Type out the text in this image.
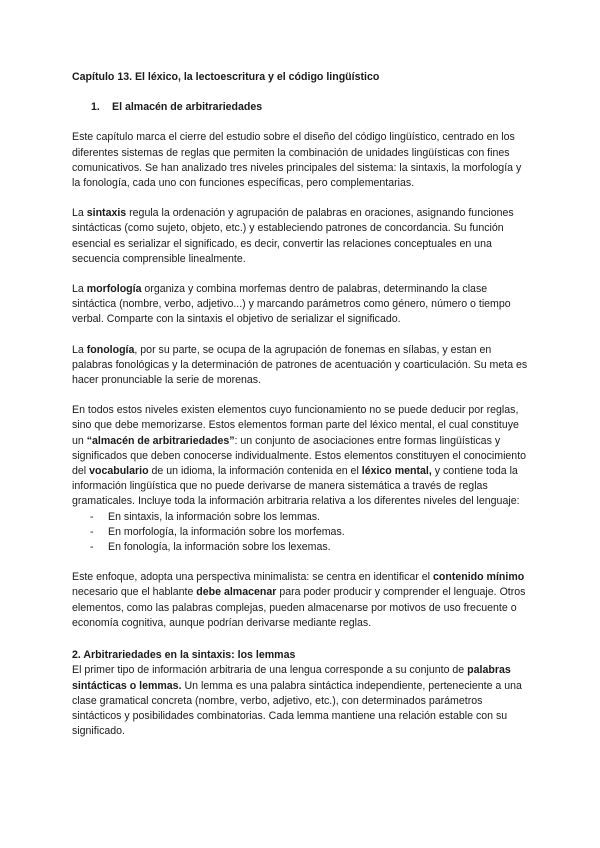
Capítulo 13. El léxico, la lectoescritura y el código lingüístico
1. El almacén de arbitrariedades

Este capítulo marca el cierre del estudio sobre el diseño del código lingüístico, centrado en los diferentes sistemas de reglas que permiten la combinación de unidades lingüísticas con fines comunicativos. Se han analizado tres niveles principales del sistema: la sintaxis, la morfología y la fonología, cada uno con funciones específicas, pero complementarias.

La sintaxis regula la ordenación y agrupación de palabras en oraciones, asignando funciones sintácticas (como sujeto, objeto, etc.) y estableciendo patrones de concordancia. Su función esencial es serializar el significado, es decir, convertir las relaciones conceptuales en una secuencia comprensible linealmente.

La morfología organiza y combina morfemas dentro de palabras, determinando la clase sintáctica (nombre, verbo, adjetivo...) y marcando parámetros como género, número o tiempo verbal. Comparte con la sintaxis el objetivo de serializar el significado.

La fonología, por su parte, se ocupa de la agrupación de fonemas en sílabas, y estan en palabras fonológicas y la determinación de patrones de acentuación y coarticulación. Su meta es hacer pronunciable la serie de morenas.

En todos estos niveles existen elementos cuyo funcionamiento no se puede deducir por reglas, sino que debe memorizarse. Estos elementos forman parte del léxico mental, el cual constituye un “almacén de arbitrariedades”: un conjunto de asociaciones entre formas lingüísticas y significados que deben conocerse individualmente. Estos elementos constituyen el conocimiento del vocabulario de un idioma, la información contenida en el léxico mental, y contiene toda la información lingüística que no puede derivarse de manera sistemática a través de reglas gramaticales. Incluye toda la información arbitraria relativa a los diferentes niveles del lenguaje:

- En sintaxis, la información sobre los lemmas.
- En morfología, la información sobre los morfemas.
- En fonología, la información sobre los lexemas.

Este enfoque, adopta una perspectiva minimalista: se centra en identificar el contenido mínimo necesario que el hablante debe almacenar para poder producir y comprender el lenguaje. Otros elementos, como las palabras complejas, pueden almacenarse por motivos de uso frecuente o economía cognitiva, aunque podrían derivarse mediante reglas.

2. Arbitrariedades en la sintaxis: los lemmas

El primer tipo de información arbitraria de una lengua corresponde a su conjunto de palabras sintácticas o lemmas. Un lemma es una palabra sintáctica independiente, perteneciente a una clase gramatical concreta (nombre, verbo, adjetivo, etc.), con determinados parámetros sintácticos y posibilidades combinatorias. Cada lemma mantiene una relación estable con su significado.
